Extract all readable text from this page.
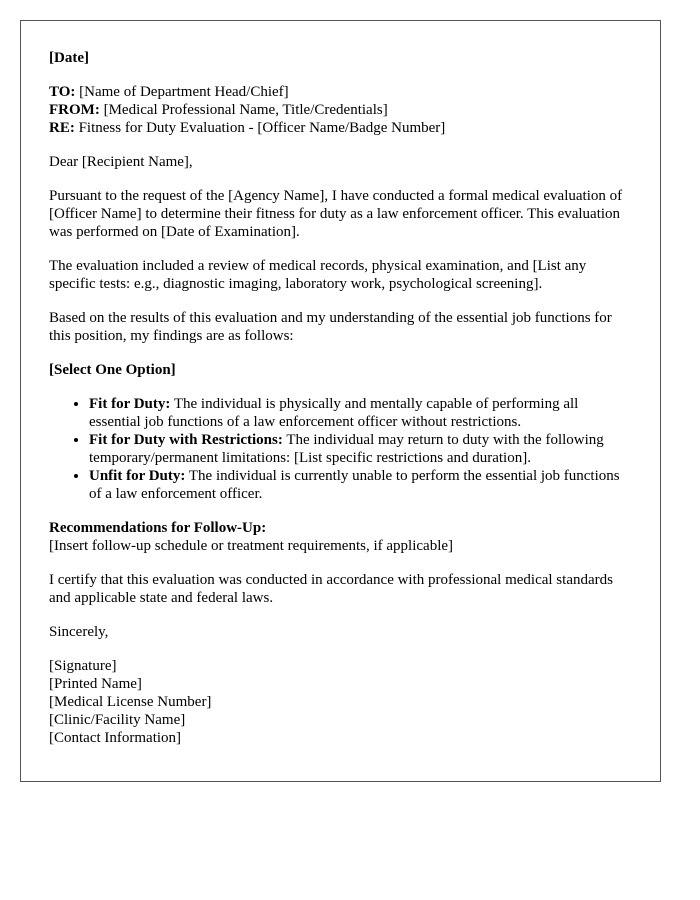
[Date]

TO: [Name of Department Head/Chief]
FROM: [Medical Professional Name, Title/Credentials]
RE: Fitness for Duty Evaluation - [Officer Name/Badge Number]

Dear [Recipient Name],

Pursuant to the request of the [Agency Name], I have conducted a formal medical evaluation of [Officer Name] to determine their fitness for duty as a law enforcement officer. This evaluation was performed on [Date of Examination].

The evaluation included a review of medical records, physical examination, and [List any specific tests: e.g., diagnostic imaging, laboratory work, psychological screening].

Based on the results of this evaluation and my understanding of the essential job functions for this position, my findings are as follows:

[Select One Option]

• Fit for Duty: The individual is physically and mentally capable of performing all essential job functions of a law enforcement officer without restrictions.
• Fit for Duty with Restrictions: The individual may return to duty with the following temporary/permanent limitations: [List specific restrictions and duration].
• Unfit for Duty: The individual is currently unable to perform the essential job functions of a law enforcement officer.

Recommendations for Follow-Up:
[Insert follow-up schedule or treatment requirements, if applicable]

I certify that this evaluation was conducted in accordance with professional medical standards and applicable state and federal laws.

Sincerely,

[Signature]
[Printed Name]
[Medical License Number]
[Clinic/Facility Name]
[Contact Information]
